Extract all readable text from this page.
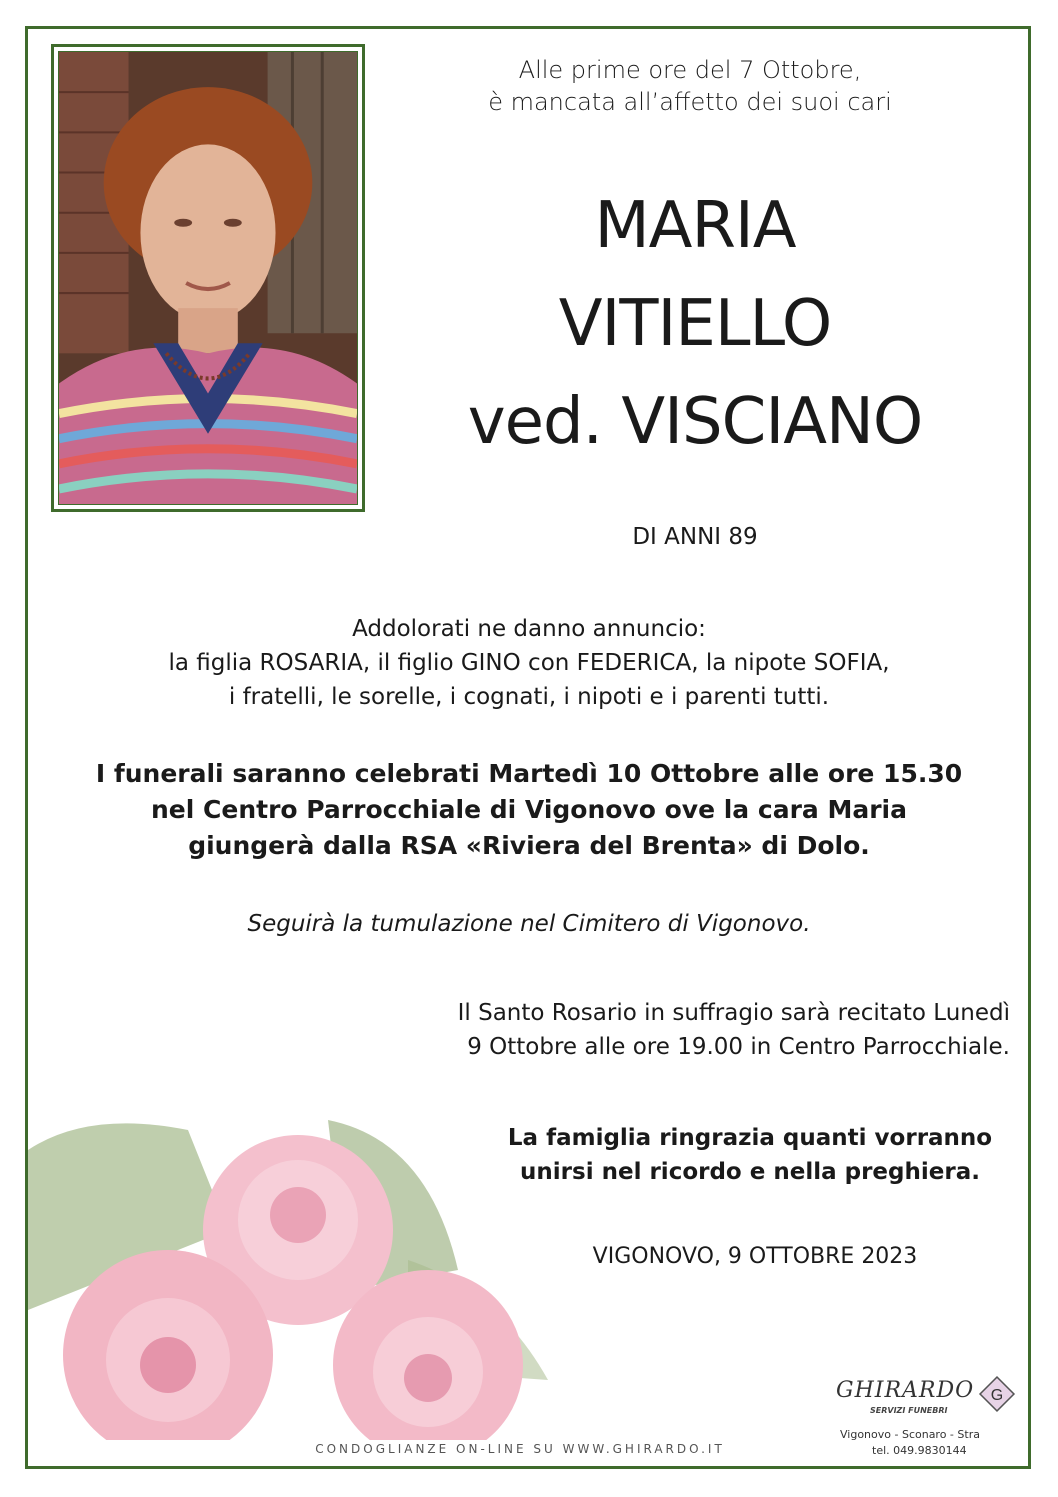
Alle prime ore del 7 Ottobre,
è mancata all’affetto dei suoi cari
MARIA
VITIELLO
ved. VISCIANO
DI ANNI 89
Addolorati ne danno annuncio:
la figlia ROSARIA, il figlio GINO con FEDERICA, la nipote SOFIA,
i fratelli, le sorelle, i cognati, i nipoti e i parenti tutti.
I funerali saranno celebrati Martedì 10 Ottobre alle ore 15.30
nel Centro Parrocchiale di Vigonovo ove la cara Maria
giungerà dalla RSA «Riviera del Brenta» di Dolo.
Seguirà la tumulazione nel Cimitero di Vigonovo.
Il Santo Rosario in suffragio sarà recitato Lunedì
9 Ottobre alle ore 19.00 in Centro Parrocchiale.
La famiglia ringrazia quanti vorranno
unirsi nel ricordo e nella preghiera.
VIGONOVO, 9 OTTOBRE 2023
CONDOGLIANZE ON-LINE SU WWW.GHIRARDO.IT
GHIRARDO
SERVIZI FUNEBRI
G
Vigonovo - Sconaro - Stra
tel. 049.9830144
